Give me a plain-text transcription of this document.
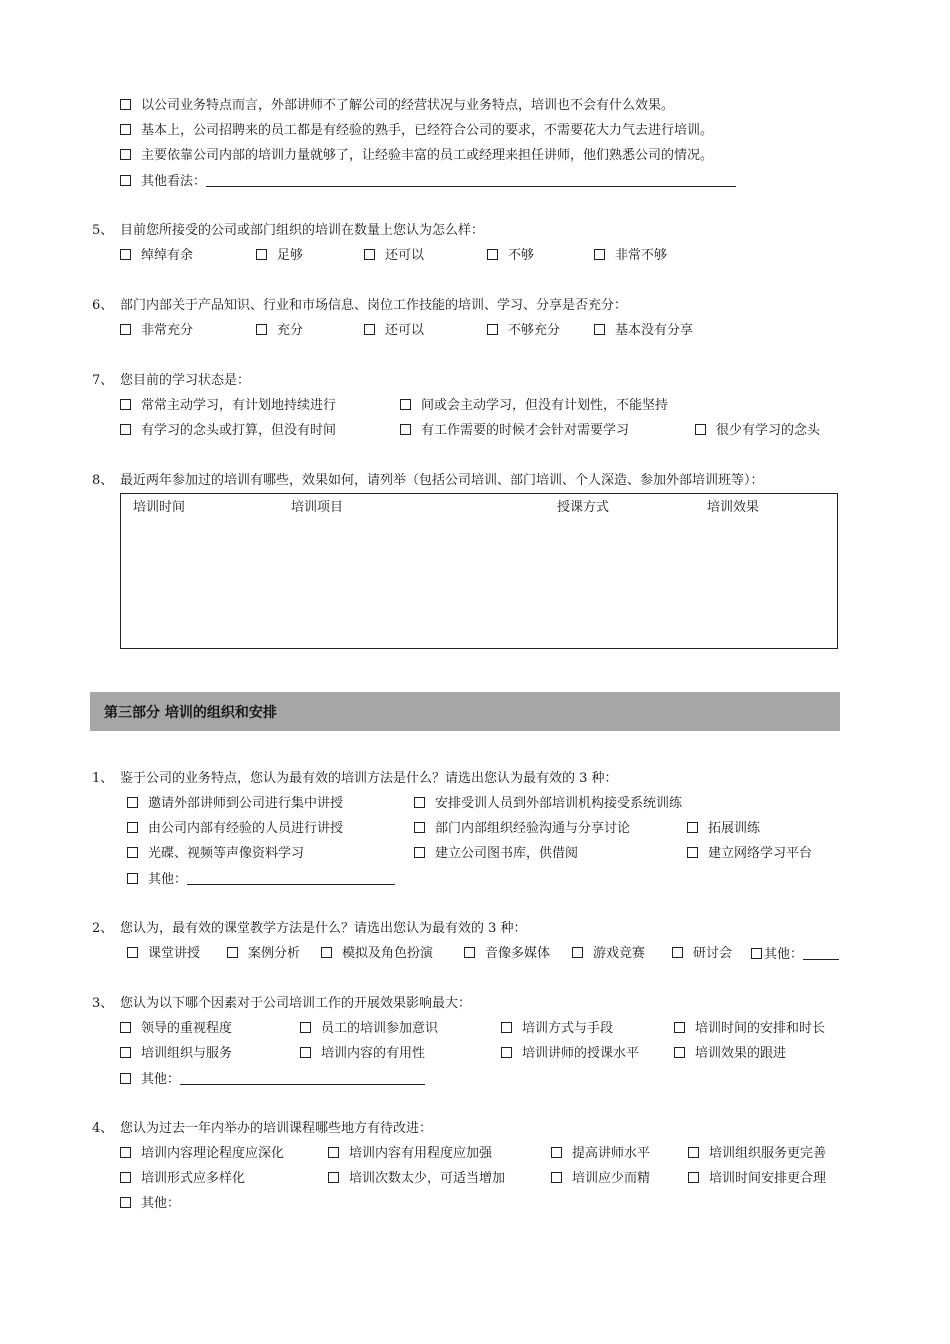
以公司业务特点而言，外部讲师不了解公司的经营状况与业务特点，培训也不会有什么效果。
基本上，公司招聘来的员工都是有经验的熟手，已经符合公司的要求，不需要花大力气去进行培训。
主要依靠公司内部的培训力量就够了，让经验丰富的员工或经理来担任讲师，他们熟悉公司的情况。
其他看法：
5、 目前您所接受的公司或部门组织的培训在数量上您认为怎么样：
绰绰有余	足够	还可以	不够	非常不够
6、 部门内部关于产品知识、行业和市场信息、岗位工作技能的培训、学习、分享是否充分：
非常充分	充分	还可以	不够充分	基本没有分享
7、 您目前的学习状态是：
常常主动学习，有计划地持续进行	间或会主动学习，但没有计划性，不能坚持
有学习的念头或打算，但没有时间	有工作需要的时候才会针对需要学习	很少有学习的念头
8、 最近两年参加过的培训有哪些，效果如何，请列举（包括公司培训、部门培训、个人深造、参加外部培训班等）：
培训时间	培训项目	授课方式	培训效果
第三部分 培训的组织和安排
1、 鉴于公司的业务特点，您认为最有效的培训方法是什么？请选出您认为最有效的 3 种：
邀请外部讲师到公司进行集中讲授	安排受训人员到外部培训机构接受系统训练
由公司内部有经验的人员进行讲授	部门内部组织经验沟通与分享讨论	拓展训练
光碟、视频等声像资料学习	建立公司图书库，供借阅	建立网络学习平台
其他：
2、 您认为，最有效的课堂教学方法是什么？请选出您认为最有效的 3 种：
课堂讲授	案例分析	模拟及角色扮演	音像多媒体	游戏竞赛	研讨会	其他：
3、 您认为以下哪个因素对于公司培训工作的开展效果影响最大：
领导的重视程度	员工的培训参加意识	培训方式与手段	培训时间的安排和时长
培训组织与服务	培训内容的有用性	培训讲师的授课水平	培训效果的跟进
其他：
4、 您认为过去一年内举办的培训课程哪些地方有待改进：
培训内容理论程度应深化	培训内容有用程度应加强	提高讲师水平	培训组织服务更完善
培训形式应多样化	培训次数太少，可适当增加	培训应少而精	培训时间安排更合理
其他：
